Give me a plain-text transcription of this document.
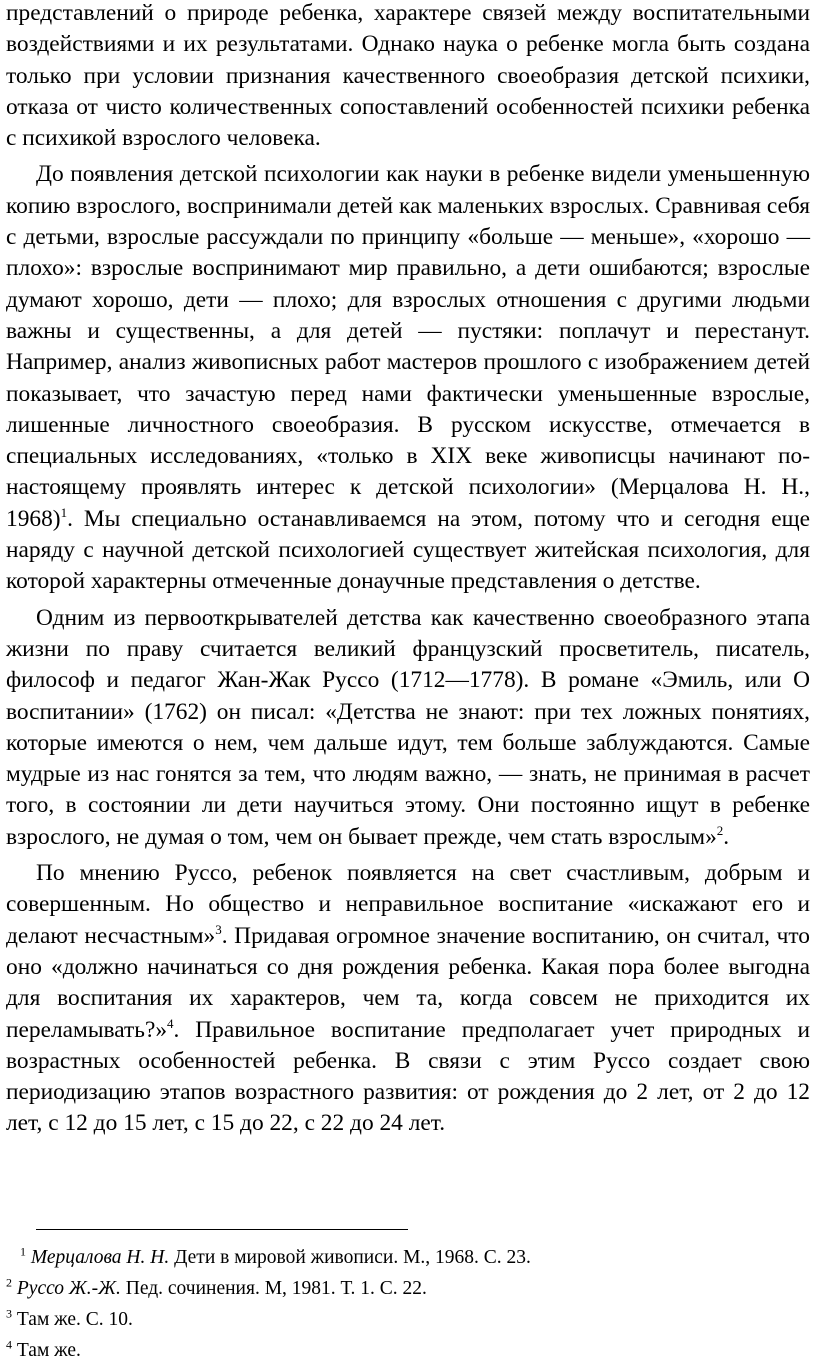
представлений о природе ребенка, характере связей между воспитательными воздействиями и их результатами. Однако наука о ребенке могла быть создана только при условии признания качественного своеобразия детской психики, отказа от чисто количественных сопоставлений особенностей психики ребенка с психикой взрослого человека.

До появления детской психологии как науки в ребенке видели уменьшенную копию взрослого, воспринимали детей как маленьких взрослых. Сравнивая себя с детьми, взрослые рассуждали по принципу «больше — меньше», «хорошо — плохо»: взрослые воспринимают мир правильно, а дети ошибаются; взрослые думают хорошо, дети — плохо; для взрослых отношения с другими людьми важны и существенны, а для детей — пустяки: поплачут и перестанут. Например, анализ живописных работ мастеров прошлого с изображением детей показывает, что зачастую перед нами фактически уменьшенные взрослые, лишенные личностного своеобразия. В русском искусстве, отмечается в специальных исследованиях, «только в XIX веке живописцы начинают по-настоящему проявлять интерес к детской психологии» (Мерцалова Н. Н., 1968)$^1$. Мы специально останавливаемся на этом, потому что и сегодня еще наряду с научной детской психологией существует житейская психология, для которой характерны отмеченные донаучные представления о детстве.

Одним из первооткрывателей детства как качественно своеобразного этапа жизни по праву считается великий французский просветитель, писатель, философ и педагог Жан-Жак Руссо (1712—1778). В романе «Эмиль, или О воспитании» (1762) он писал: «Детства не знают: при тех ложных понятиях, которые имеются о нем, чем дальше идут, тем больше заблуждаются. Самые мудрые из нас гонятся за тем, что людям важно, — знать, не принимая в расчет того, в состоянии ли дети научиться этому. Они постоянно ищут в ребенке взрослого, не думая о том, чем он бывает прежде, чем стать взрослым»$^2$.

По мнению Руссо, ребенок появляется на свет счастливым, добрым и совершенным. Но общество и неправильное воспитание «искажают его и делают несчастным»$^3$. Придавая огромное значение воспитанию, он считал, что оно «должно начинаться со дня рождения ребенка. Какая пора более выгодна для воспитания их характеров, чем та, когда совсем не приходится их переламывать?»$^4$. Правильное воспитание предполагает учет природных и возрастных особенностей ребенка. В связи с этим Руссо создает свою периодизацию этапов возрастного развития: от рождения до 2 лет, от 2 до 12 лет, с 12 до 15 лет, с 15 до 22, с 22 до 24 лет.

$^1$ Мерцалова Н. Н. Дети в мировой живописи. М., 1968. С. 23.

$^2$ Руссо Ж.-Ж. Пед. сочинения. М, 1981. Т. 1. С. 22.

$^3$ Там же. С. 10.

$^4$ Там же.
